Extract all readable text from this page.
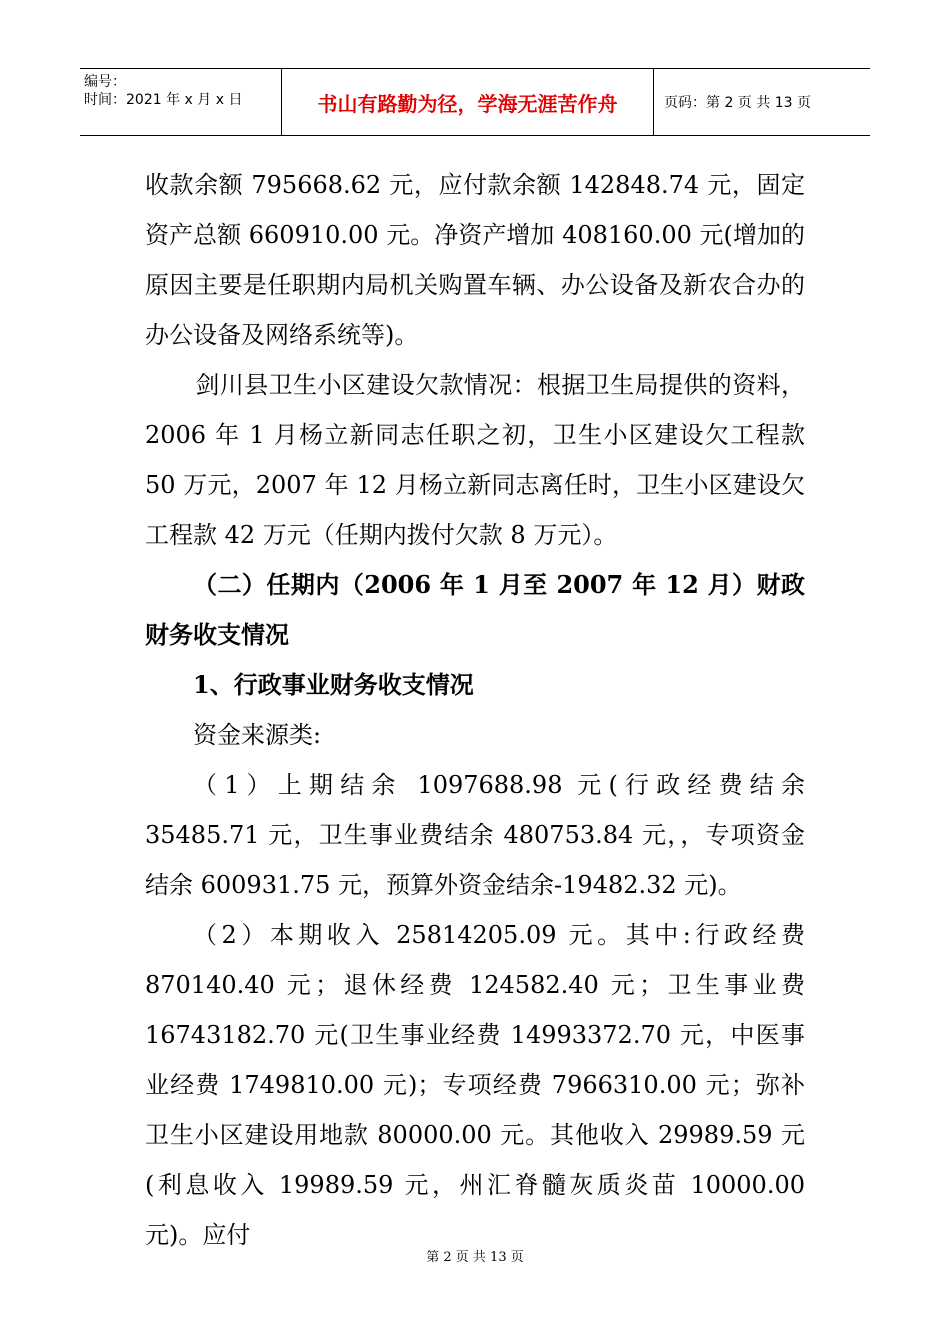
编号：
时间：2021 年 x 月 x 日	书山有路勤为径，学海无涯苦作舟	页码：第 2 页 共 13 页

收款余额 795668.62 元，应付款余额 142848.74 元，固定资产总额 660910.00 元。净资产增加 408160.00 元(增加的原因主要是任职期内局机关购置车辆、办公设备及新农合办的办公设备及网络系统等)。

剑川县卫生小区建设欠款情况：根据卫生局提供的资料，2006 年 1 月杨立新同志任职之初，卫生小区建设欠工程款 50 万元，2007 年 12 月杨立新同志离任时，卫生小区建设欠工程款 42 万元（任期内拨付欠款 8 万元）。

（二）任期内（2006 年 1 月至 2007 年 12 月）财政财务收支情况

1、行政事业财务收支情况

资金来源类:

（1）上期结余 1097688.98 元(行政经费结余 35485.71 元，卫生事业费结余 480753.84 元，，专项资金结余 600931.75 元，预算外资金结余-19482.32 元)。

（2）本期收入 25814205.09 元。其中:行政经费 870140.40 元；退休经费 124582.40 元；卫生事业费 16743182.70 元(卫生事业经费 14993372.70 元，中医事业经费 1749810.00 元)；专项经费 7966310.00 元；弥补卫生小区建设用地款 80000.00 元。其他收入 29989.59 元(利息收入 19989.59 元，州汇脊髓灰质炎苗 10000.00 元)。应付

第 2 页 共 13 页
